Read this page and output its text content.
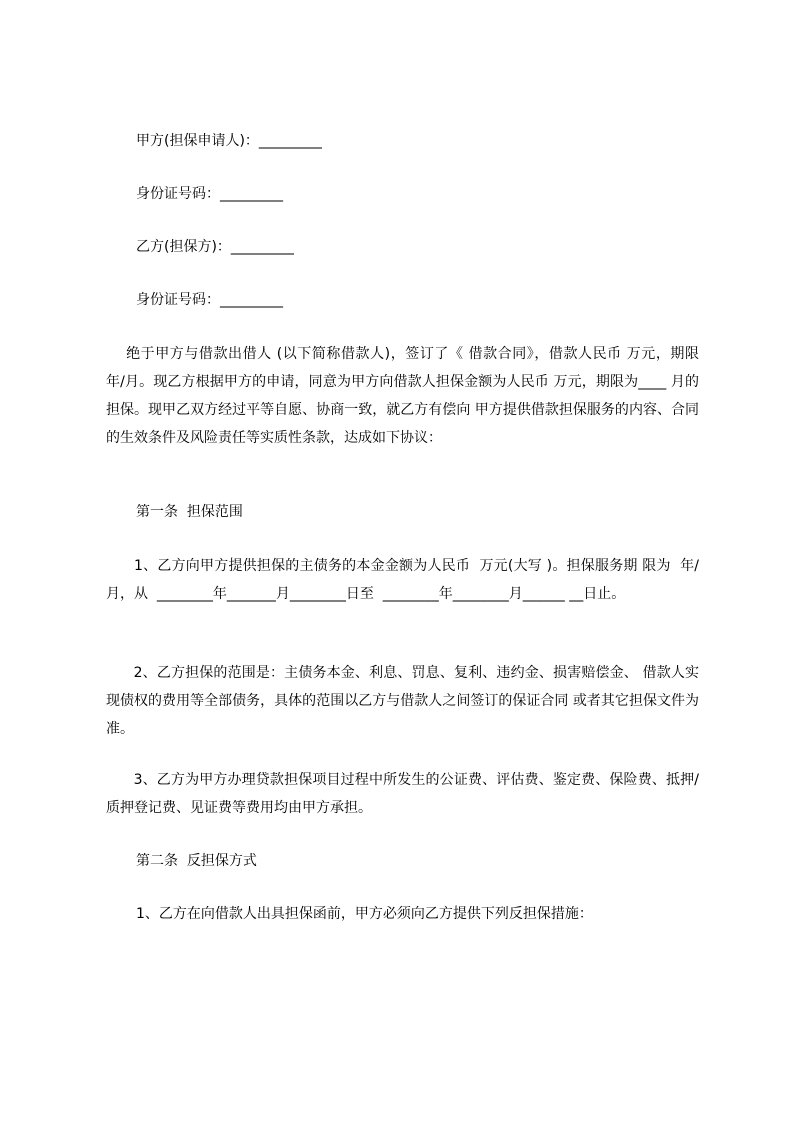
甲方(担保申请人)：_________
身份证号码：_________
乙方(担保方)：_________
身份证号码：_________
绝于甲方与借款出借人 (以下简称借款人)，签订了《 借款合同》，借款人民币 万元，期限  年/月。现乙方根据甲方的申请，同意为甲方向借款人担保金额为人民币 万元，期限为____ 月的担保。现甲乙双方经过平等自愿、协商一致，就乙方有偿向 甲方提供借款担保服务的内容、合同的生效条件及风险责任等实质性条款，达成如下协议：
第一条  担保范围
1、乙方向甲方提供担保的主债务的本金金额为人民币  万元(大写 )。担保服务期 限为  年/月，从  ________年_______月________日至  ________年________月______ __日止。
2、乙方担保的范围是：主债务本金、利息、罚息、复利、违约金、损害赔偿金、 借款人实现债权的费用等全部债务，具体的范围以乙方与借款人之间签订的保证合同 或者其它担保文件为准。
3、乙方为甲方办理贷款担保项目过程中所发生的公证费、评估费、鉴定费、保险费、抵押/质押登记费、见证费等费用均由甲方承担。
第二条  反担保方式
1、乙方在向借款人出具担保函前，甲方必须向乙方提供下列反担保措施：
